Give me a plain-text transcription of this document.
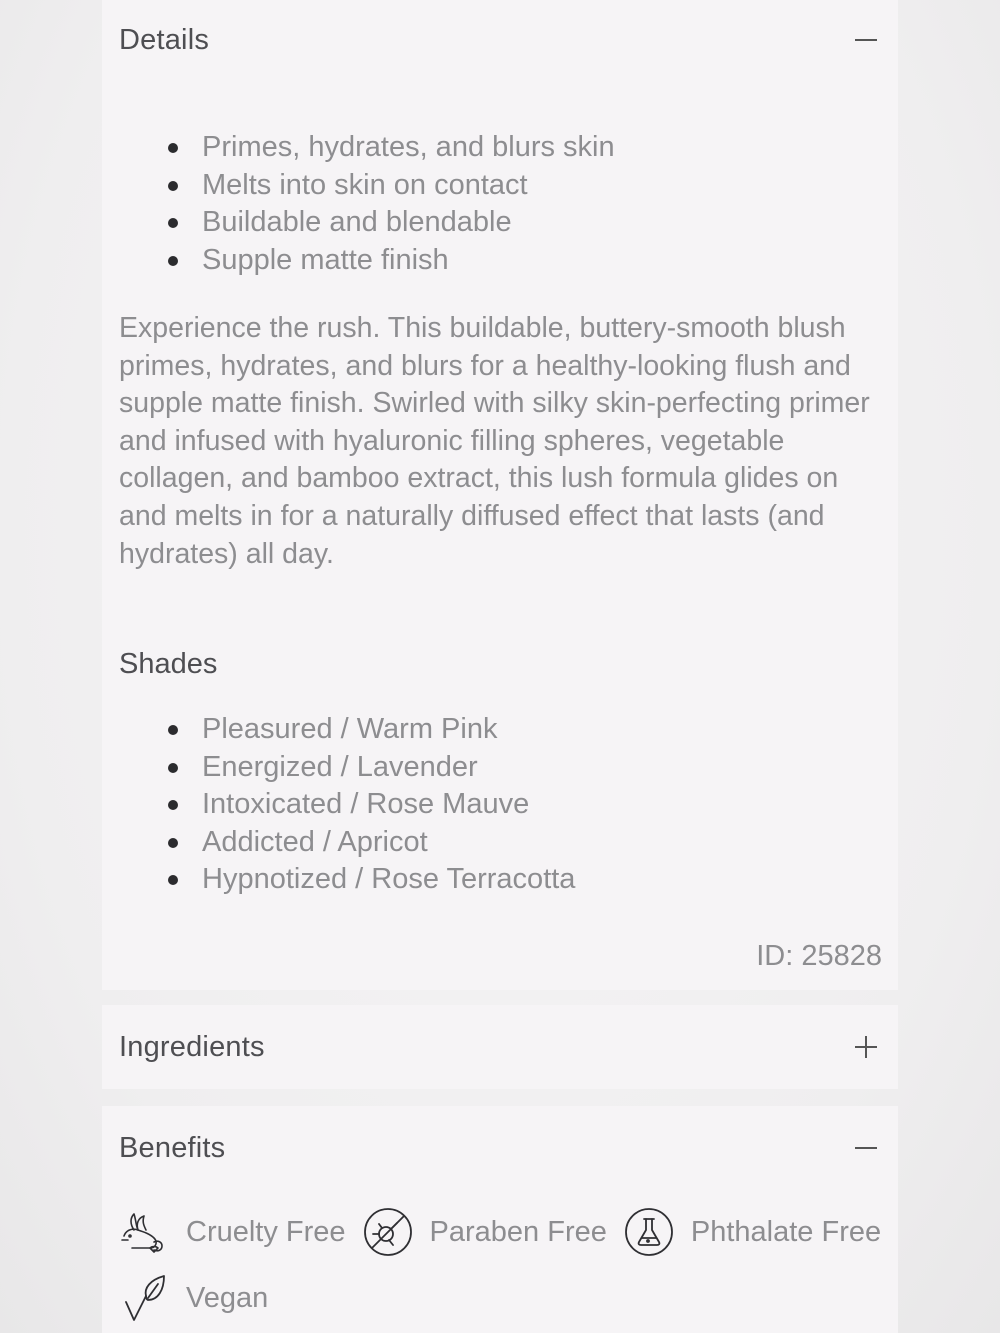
Details
Primes, hydrates, and blurs skin
Melts into skin on contact
Buildable and blendable
Supple matte finish

Experience the rush. This buildable, buttery-smooth blush primes, hydrates, and blurs for a healthy-looking flush and supple matte finish. Swirled with silky skin-perfecting primer and infused with hyaluronic filling spheres, vegetable collagen, and bamboo extract, this lush formula glides on and melts in for a naturally diffused effect that lasts (and hydrates) all day.

Shades
Pleasured / Warm Pink
Energized / Lavender
Intoxicated / Rose Mauve
Addicted / Apricot
Hypnotized / Rose Terracotta
ID: 25828
Ingredients
Benefits
Cruelty Free	Paraben Free	Phthalate Free
Vegan
